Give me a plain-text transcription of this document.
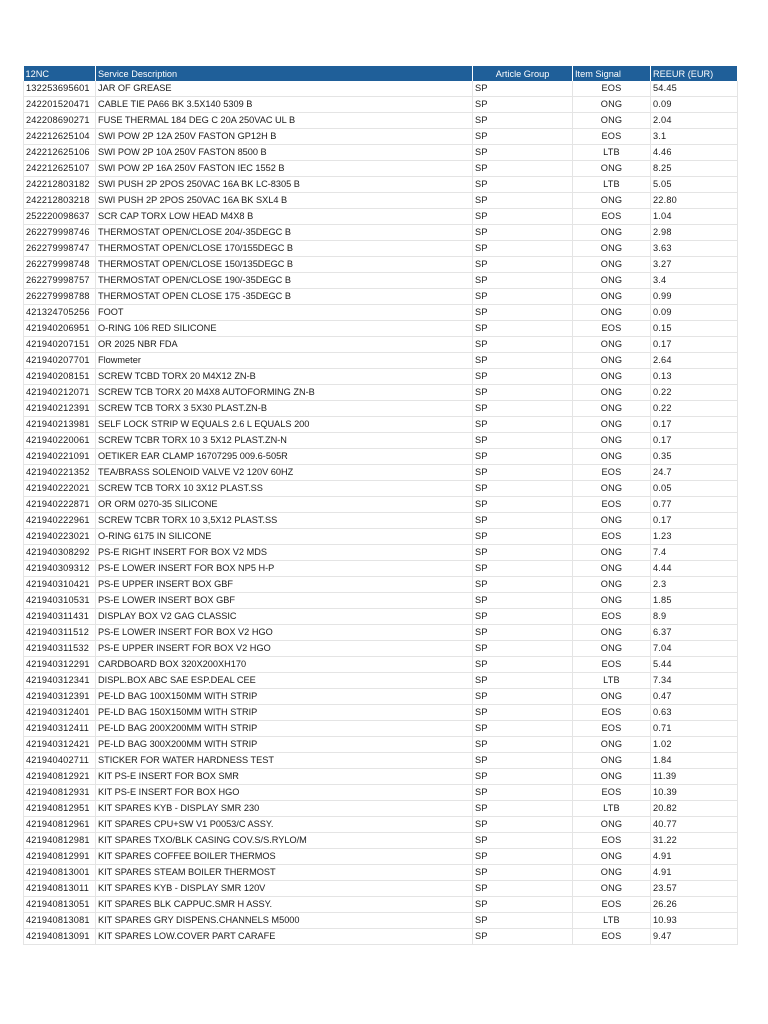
12NC	Service Description	Article Group	Item Signal	REEUR (EUR)
132253695601	JAR OF GREASE	SP	EOS	54.45
242201520471	CABLE TIE PA66 BK 3.5X140 5309 B	SP	ONG	0.09
242208690271	FUSE THERMAL 184 DEG C 20A 250VAC UL B	SP	ONG	2.04
242212625104	SWI POW 2P 12A 250V FASTON GP12H B	SP	EOS	3.1
242212625106	SWI POW 2P 10A 250V FASTON 8500 B	SP	LTB	4.46
242212625107	SWI POW 2P 16A 250V FASTON IEC 1552 B	SP	ONG	8.25
242212803182	SWI PUSH 2P 2POS 250VAC 16A BK LC-8305 B	SP	LTB	5.05
242212803218	SWI PUSH 2P 2POS 250VAC 16A BK SXL4 B	SP	ONG	22.80
252220098637	SCR CAP TORX LOW HEAD M4X8 B	SP	EOS	1.04
262279998746	THERMOSTAT OPEN/CLOSE 204/-35DEGC B	SP	ONG	2.98
262279998747	THERMOSTAT OPEN/CLOSE 170/155DEGC B	SP	ONG	3.63
262279998748	THERMOSTAT OPEN/CLOSE 150/135DEGC B	SP	ONG	3.27
262279998757	THERMOSTAT OPEN/CLOSE 190/-35DEGC B	SP	ONG	3.4
262279998788	THERMOSTAT OPEN CLOSE 175 -35DEGC B	SP	ONG	0.99
421324705256	FOOT	SP	ONG	0.09
421940206951	O-RING 106 RED SILICONE	SP	EOS	0.15
421940207151	OR 2025 NBR FDA	SP	ONG	0.17
421940207701	Flowmeter	SP	ONG	2.64
421940208151	SCREW TCBD TORX 20 M4X12 ZN-B	SP	ONG	0.13
421940212071	SCREW TCB TORX 20 M4X8 AUTOFORMING ZN-B	SP	ONG	0.22
421940212391	SCREW TCB TORX 3 5X30 PLAST.ZN-B	SP	ONG	0.22
421940213981	SELF LOCK STRIP W EQUALS 2.6 L EQUALS 200	SP	ONG	0.17
421940220061	SCREW TCBR TORX 10 3 5X12 PLAST.ZN-N	SP	ONG	0.17
421940221091	OETIKER EAR CLAMP 16707295 009.6-505R	SP	ONG	0.35
421940221352	TEA/BRASS SOLENOID VALVE V2 120V 60HZ	SP	EOS	24.7
421940222021	SCREW TCB TORX 10 3X12 PLAST.SS	SP	ONG	0.05
421940222871	OR ORM 0270-35 SILICONE	SP	EOS	0.77
421940222961	SCREW TCBR TORX 10 3,5X12 PLAST.SS	SP	ONG	0.17
421940223021	O-RING 6175 IN SILICONE	SP	EOS	1.23
421940308292	PS-E RIGHT INSERT FOR BOX V2 MDS	SP	ONG	7.4
421940309312	PS-E LOWER INSERT FOR BOX NP5 H-P	SP	ONG	4.44
421940310421	PS-E UPPER INSERT BOX GBF	SP	ONG	2.3
421940310531	PS-E LOWER INSERT BOX GBF	SP	ONG	1.85
421940311431	DISPLAY BOX V2 GAG CLASSIC	SP	EOS	8.9
421940311512	PS-E LOWER INSERT FOR BOX V2 HGO	SP	ONG	6.37
421940311532	PS-E UPPER INSERT FOR BOX V2 HGO	SP	ONG	7.04
421940312291	CARDBOARD BOX 320X200XH170	SP	EOS	5.44
421940312341	DISPL.BOX ABC SAE ESP.DEAL CEE	SP	LTB	7.34
421940312391	PE-LD BAG 100X150MM WITH STRIP	SP	ONG	0.47
421940312401	PE-LD BAG 150X150MM WITH STRIP	SP	EOS	0.63
421940312411	PE-LD BAG 200X200MM WITH STRIP	SP	EOS	0.71
421940312421	PE-LD BAG 300X200MM WITH STRIP	SP	ONG	1.02
421940402711	STICKER FOR WATER HARDNESS TEST	SP	ONG	1.84
421940812921	KIT PS-E INSERT FOR BOX SMR	SP	ONG	11.39
421940812931	KIT PS-E INSERT FOR BOX HGO	SP	EOS	10.39
421940812951	KIT SPARES KYB - DISPLAY SMR 230	SP	LTB	20.82
421940812961	KIT SPARES CPU+SW V1 P0053/C ASSY.	SP	ONG	40.77
421940812981	KIT SPARES TXO/BLK CASING COV.S/S.RYLO/M	SP	EOS	31.22
421940812991	KIT SPARES COFFEE BOILER THERMOS	SP	ONG	4.91
421940813001	KIT SPARES STEAM BOILER THERMOST	SP	ONG	4.91
421940813011	KIT SPARES KYB - DISPLAY SMR 120V	SP	ONG	23.57
421940813051	KIT SPARES BLK CAPPUC.SMR H ASSY.	SP	EOS	26.26
421940813081	KIT SPARES GRY DISPENS.CHANNELS M5000	SP	LTB	10.93
421940813091	KIT SPARES LOW.COVER PART CARAFE	SP	EOS	9.47
